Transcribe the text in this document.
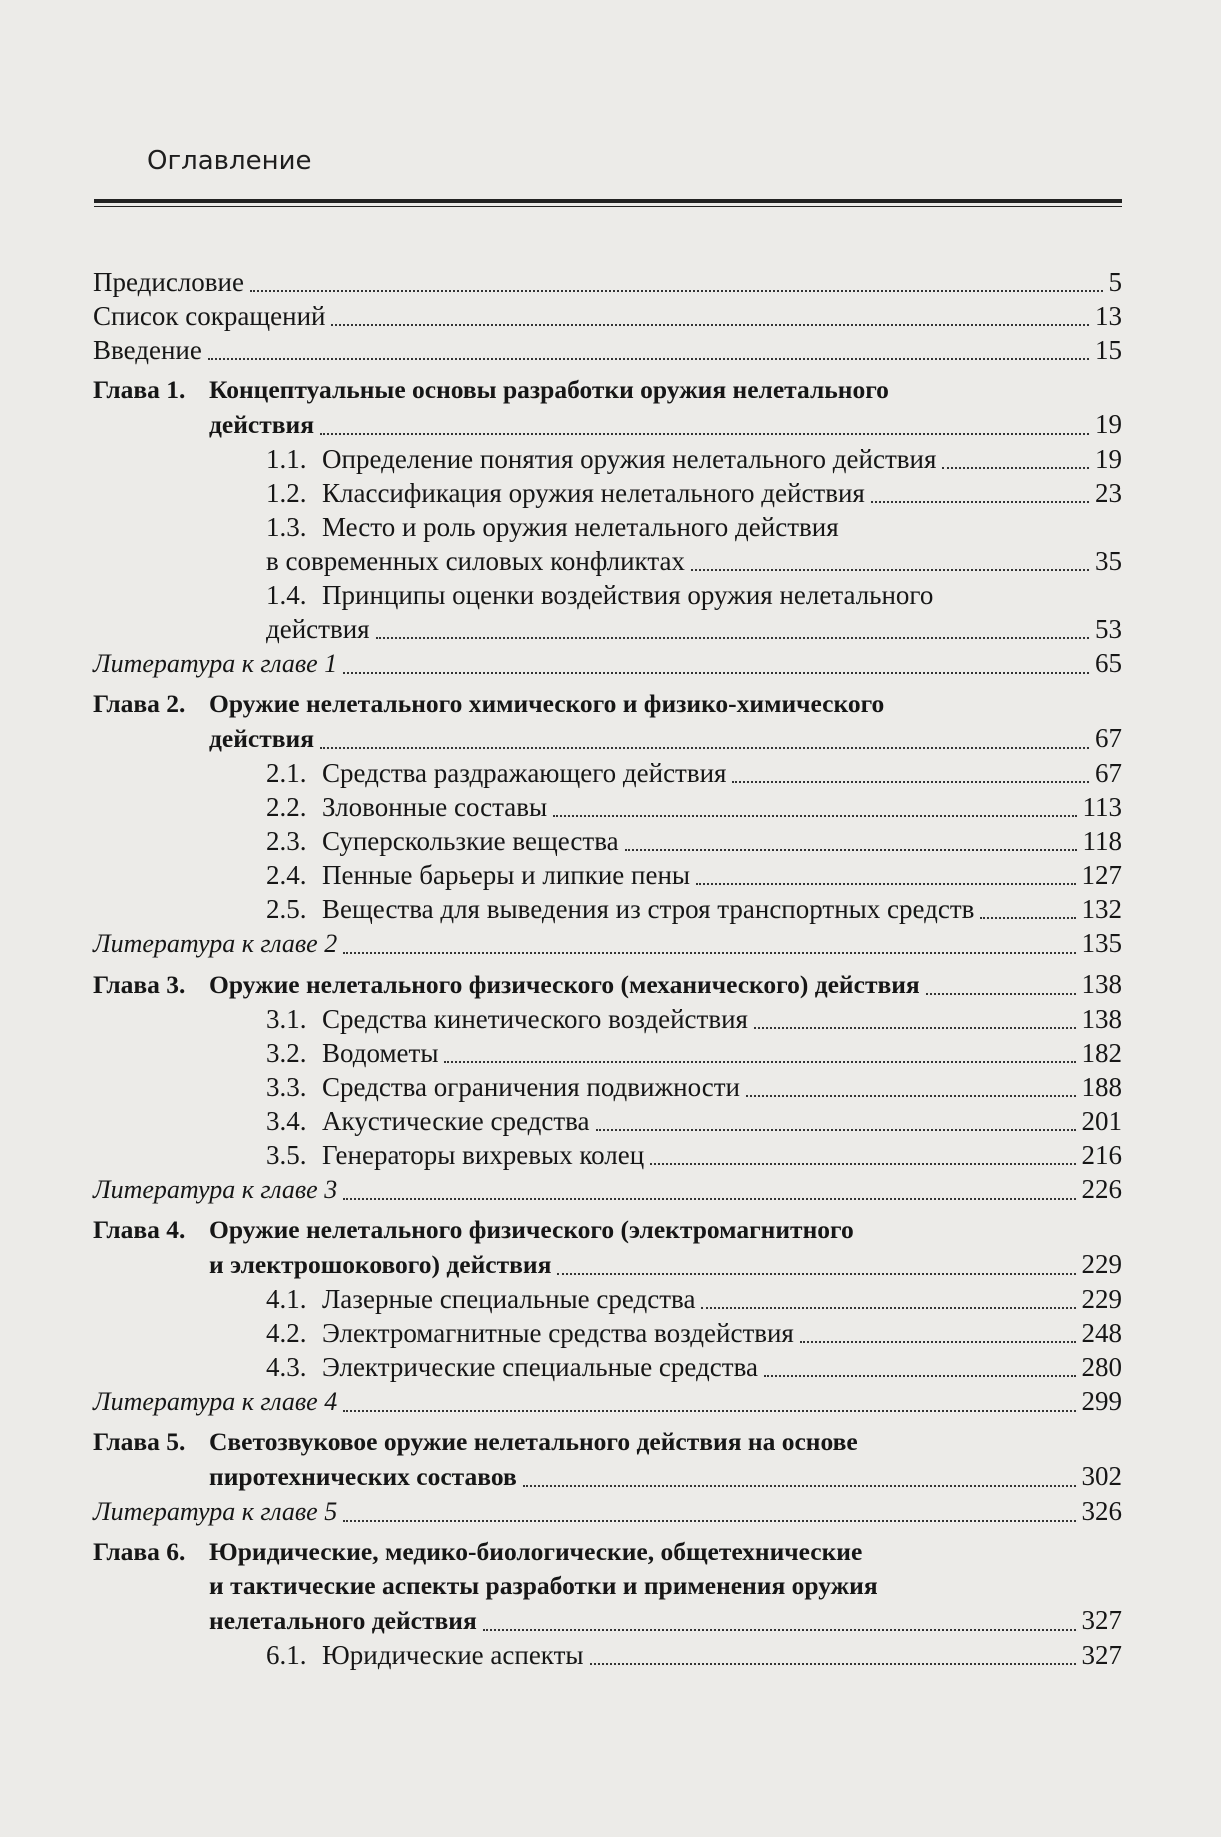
Оглавление
Предисловие	5
Список сокращений	13
Введение	15
Глава 1. Концептуальные основы разработки оружия нелетального
действия	19
1.1. Определение понятия оружия нелетального действия	19
1.2. Классификация оружия нелетального действия	23
1.3. Место и роль оружия нелетального действия
в современных силовых конфликтах	35
1.4. Принципы оценки воздействия оружия нелетального
действия	53
Литература к главе 1	65
Глава 2. Оружие нелетального химического и физико-химического
действия	67
2.1. Средства раздражающего действия	67
2.2. Зловонные составы	113
2.3. Суперскользкие вещества	118
2.4. Пенные барьеры и липкие пены	127
2.5. Вещества для выведения из строя транспортных средств	132
Литература к главе 2	135
Глава 3. Оружие нелетального физического (механического) действия	138
3.1. Средства кинетического воздействия	138
3.2. Водометы	182
3.3. Средства ограничения подвижности	188
3.4. Акустические средства	201
3.5. Генераторы вихревых колец	216
Литература к главе 3	226
Глава 4. Оружие нелетального физического (электромагнитного
и электрошокового) действия	229
4.1. Лазерные специальные средства	229
4.2. Электромагнитные средства воздействия	248
4.3. Электрические специальные средства	280
Литература к главе 4	299
Глава 5. Светозвуковое оружие нелетального действия на основе
пиротехнических составов	302
Литература к главе 5	326
Глава 6. Юридические, медико-биологические, общетехнические
и тактические аспекты разработки и применения оружия
нелетального действия	327
6.1. Юридические аспекты	327
